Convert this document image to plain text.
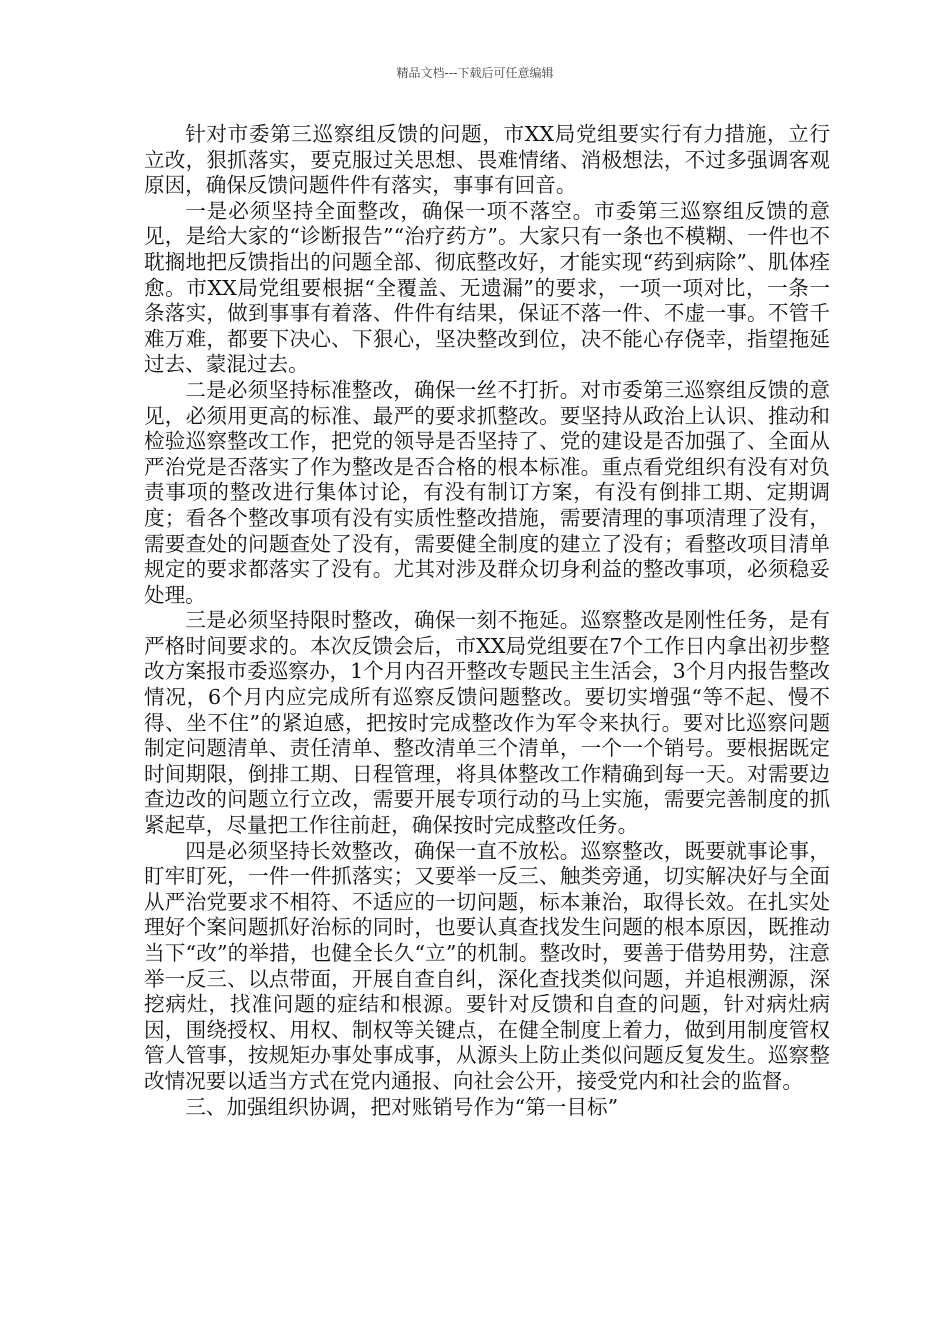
精品文档---下载后可任意编辑

针对市委第三巡察组反馈的问题，市XX局党组要实行有力措施，立行立改，狠抓落实，要克服过关思想、畏难情绪、消极想法，不过多强调客观原因，确保反馈问题件件有落实，事事有回音。

一是必须坚持全面整改，确保一项不落空。市委第三巡察组反馈的意见，是给大家的“诊断报告”“治疗药方”。大家只有一条也不模糊、一件也不耽搁地把反馈指出的问题全部、彻底整改好，才能实现“药到病除”、肌体痊愈。市XX局党组要根据“全覆盖、无遗漏”的要求，一项一项对比，一条一条落实，做到事事有着落、件件有结果，保证不落一件、不虚一事。不管千难万难，都要下决心、下狠心，坚决整改到位，决不能心存侥幸，指望拖延过去、蒙混过去。

二是必须坚持标准整改，确保一丝不打折。对市委第三巡察组反馈的意见，必须用更高的标准、最严的要求抓整改。要坚持从政治上认识、推动和检验巡察整改工作，把党的领导是否坚持了、党的建设是否加强了、全面从严治党是否落实了作为整改是否合格的根本标准。重点看党组织有没有对负责事项的整改进行集体讨论，有没有制订方案，有没有倒排工期、定期调度；看各个整改事项有没有实质性整改措施，需要清理的事项清理了没有，需要查处的问题查处了没有，需要健全制度的建立了没有；看整改项目清单规定的要求都落实了没有。尤其对涉及群众切身利益的整改事项，必须稳妥处理。

三是必须坚持限时整改，确保一刻不拖延。巡察整改是刚性任务，是有严格时间要求的。本次反馈会后，市XX局党组要在7个工作日内拿出初步整改方案报市委巡察办，1个月内召开整改专题民主生活会，3个月内报告整改情况，6个月内应完成所有巡察反馈问题整改。要切实增强“等不起、慢不得、坐不住”的紧迫感，把按时完成整改作为军令来执行。要对比巡察问题制定问题清单、责任清单、整改清单三个清单，一个一个销号。要根据既定时间期限，倒排工期、日程管理，将具体整改工作精确到每一天。对需要边查边改的问题立行立改，需要开展专项行动的马上实施，需要完善制度的抓紧起草，尽量把工作往前赶，确保按时完成整改任务。

四是必须坚持长效整改，确保一直不放松。巡察整改，既要就事论事，盯牢盯死，一件一件抓落实；又要举一反三、触类旁通，切实解决好与全面从严治党要求不相符、不适应的一切问题，标本兼治，取得长效。在扎实处理好个案问题抓好治标的同时，也要认真查找发生问题的根本原因，既推动当下“改”的举措，也健全长久“立”的机制。整改时，要善于借势用势，注意举一反三、以点带面，开展自查自纠，深化查找类似问题，并追根溯源，深挖病灶，找准问题的症结和根源。要针对反馈和自查的问题，针对病灶病因，围绕授权、用权、制权等关键点，在健全制度上着力，做到用制度管权管人管事，按规矩办事处事成事，从源头上防止类似问题反复发生。巡察整改情况要以适当方式在党内通报、向社会公开，接受党内和社会的监督。

三、加强组织协调，把对账销号作为“第一目标”
